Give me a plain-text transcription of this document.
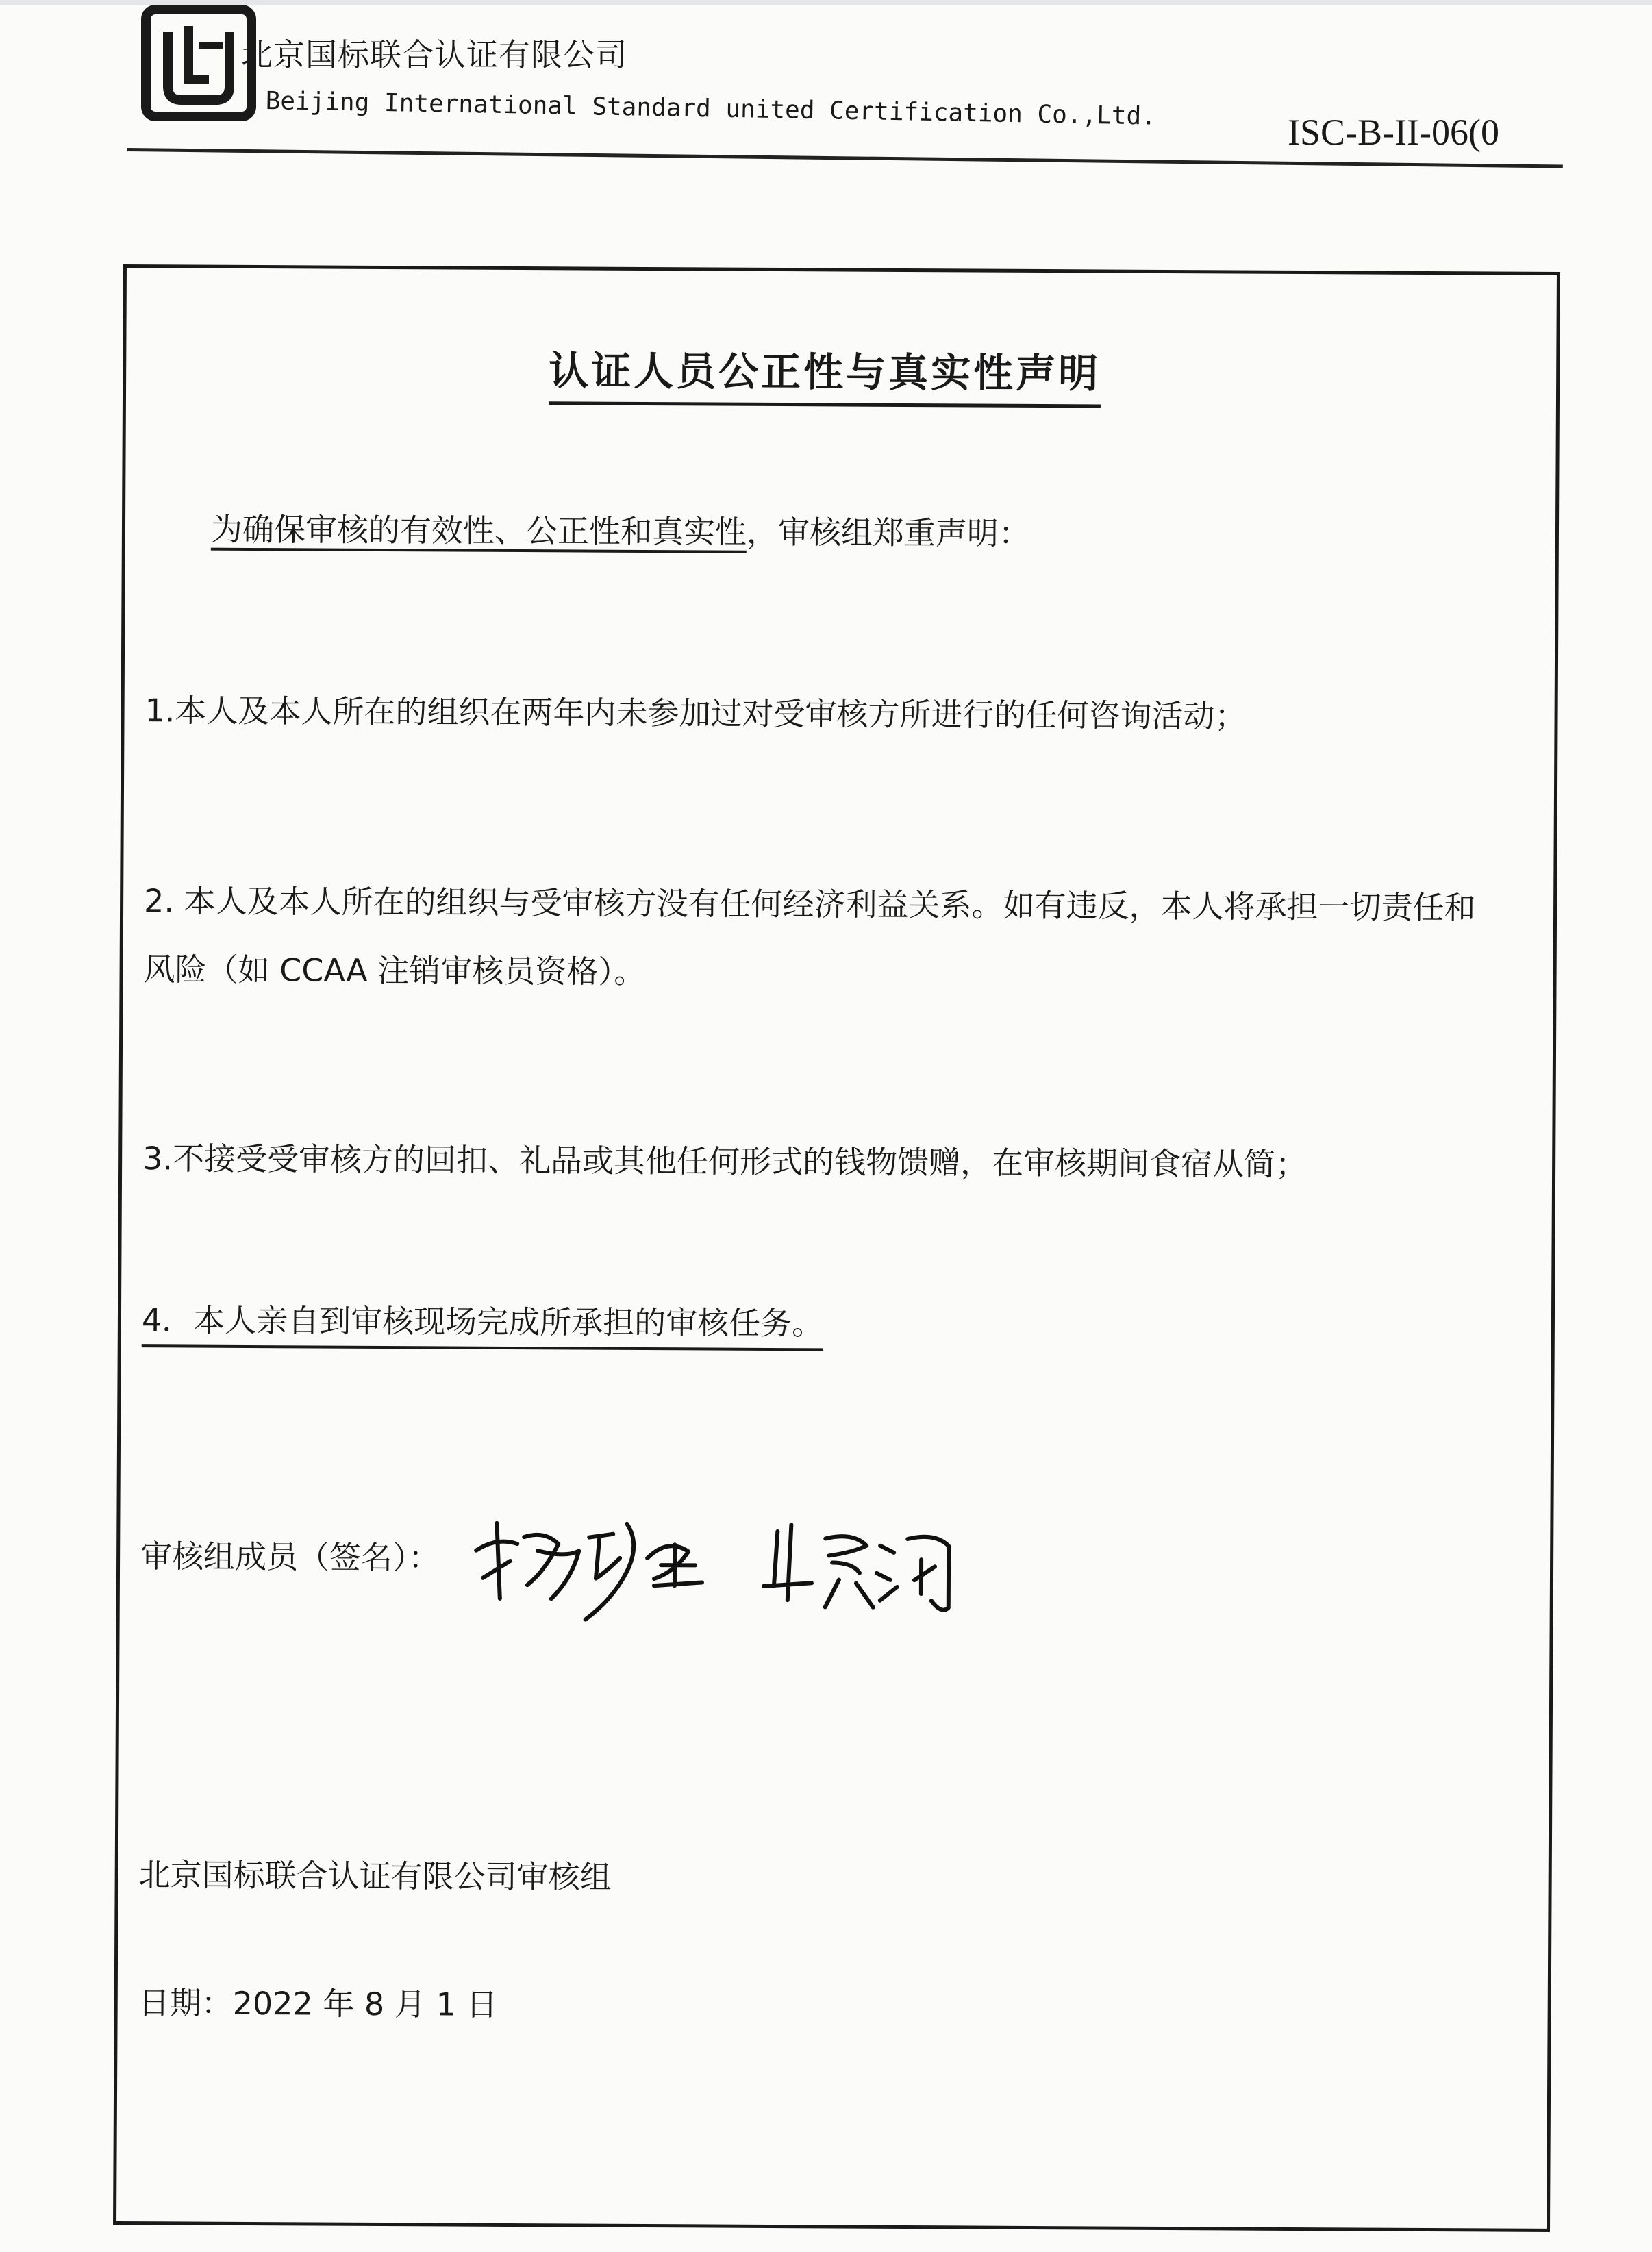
北京国标联合认证有限公司
Beijing International Standard united Certification Co.,Ltd.
ISC-B-II-06(0
认证人员公正性与真实性声明
为确保审核的有效性、公正性和真实性，审核组郑重声明：
1.本人及本人所在的组织在两年内未参加过对受审核方所进行的任何咨询活动；
2. 本人及本人所在的组织与受审核方没有任何经济利益关系。如有违反，本人将承担一切责任和
风险（如 CCAA 注销审核员资格）。
3.不接受受审核方的回扣、礼品或其他任何形式的钱物馈赠，在审核期间食宿从简；
4．本人亲自到审核现场完成所承担的审核任务。
审核组成员（签名）：
北京国标联合认证有限公司审核组
日期：2022 年 8 月 1 日
